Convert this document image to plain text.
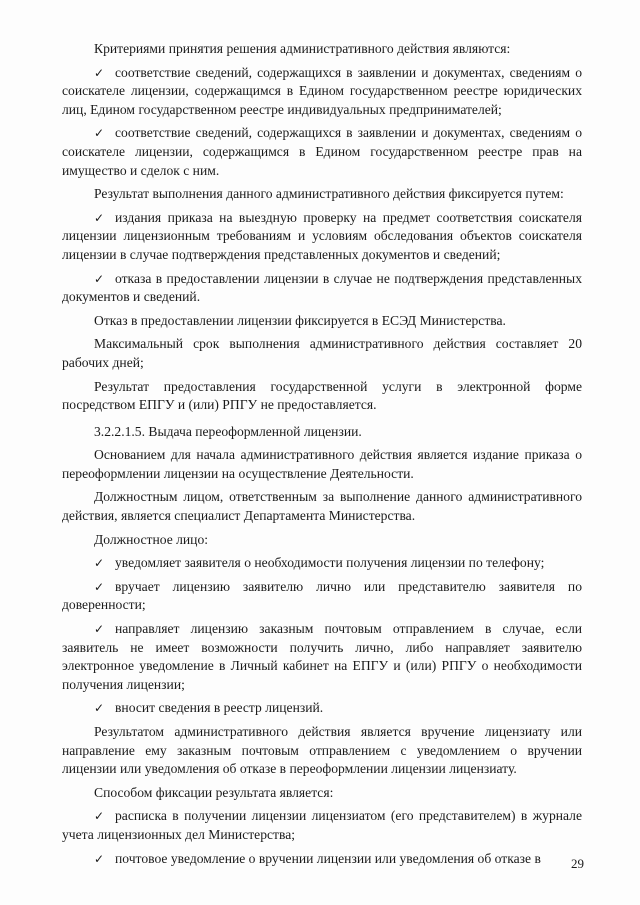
Критериями принятия решения административного действия являются:

✓ соответствие сведений, содержащихся в заявлении и документах, сведениям о соискателе лицензии, содержащимся в Едином государственном реестре юридических лиц, Едином государственном реестре индивидуальных предпринимателей;

✓ соответствие сведений, содержащихся в заявлении и документах, сведениям о соискателе лицензии, содержащимся в Едином государственном реестре прав на имущество и сделок с ним.

Результат выполнения данного административного действия фиксируется путем:

✓ издания приказа на выездную проверку на предмет соответствия соискателя лицензии лицензионным требованиям и условиям обследования объектов соискателя лицензии в случае подтверждения представленных документов и сведений;

✓ отказа в предоставлении лицензии в случае не подтверждения представленных документов и сведений.

Отказ в предоставлении лицензии фиксируется в ЕСЭД Министерства.

Максимальный срок выполнения административного действия составляет 20 рабочих дней;

Результат предоставления государственной услуги в электронной форме посредством ЕПГУ и (или) РПГУ не предоставляется.

3.2.2.1.5. Выдача переоформленной лицензии.

Основанием для начала административного действия является издание приказа о переоформлении лицензии на осуществление Деятельности.

Должностным лицом, ответственным за выполнение данного административного действия, является специалист Департамента Министерства.

Должностное лицо:

✓ уведомляет заявителя о необходимости получения лицензии по телефону;

✓ вручает лицензию заявителю лично или представителю заявителя по доверенности;

✓ направляет лицензию заказным почтовым отправлением в случае, если заявитель не имеет возможности получить лично, либо направляет заявителю электронное уведомление в Личный кабинет на ЕПГУ и (или) РПГУ о необходимости получения лицензии;

✓ вносит сведения в реестр лицензий.

Результатом административного действия является вручение лицензиату или направление ему заказным почтовым отправлением с уведомлением о вручении лицензии или уведомления об отказе в переоформлении лицензии лицензиату.

Способом фиксации результата является:

✓ расписка в получении лицензии лицензиатом (его представителем) в журнале учета лицензионных дел Министерства;

✓ почтовое уведомление о вручении лицензии или уведомления об отказе в	29
